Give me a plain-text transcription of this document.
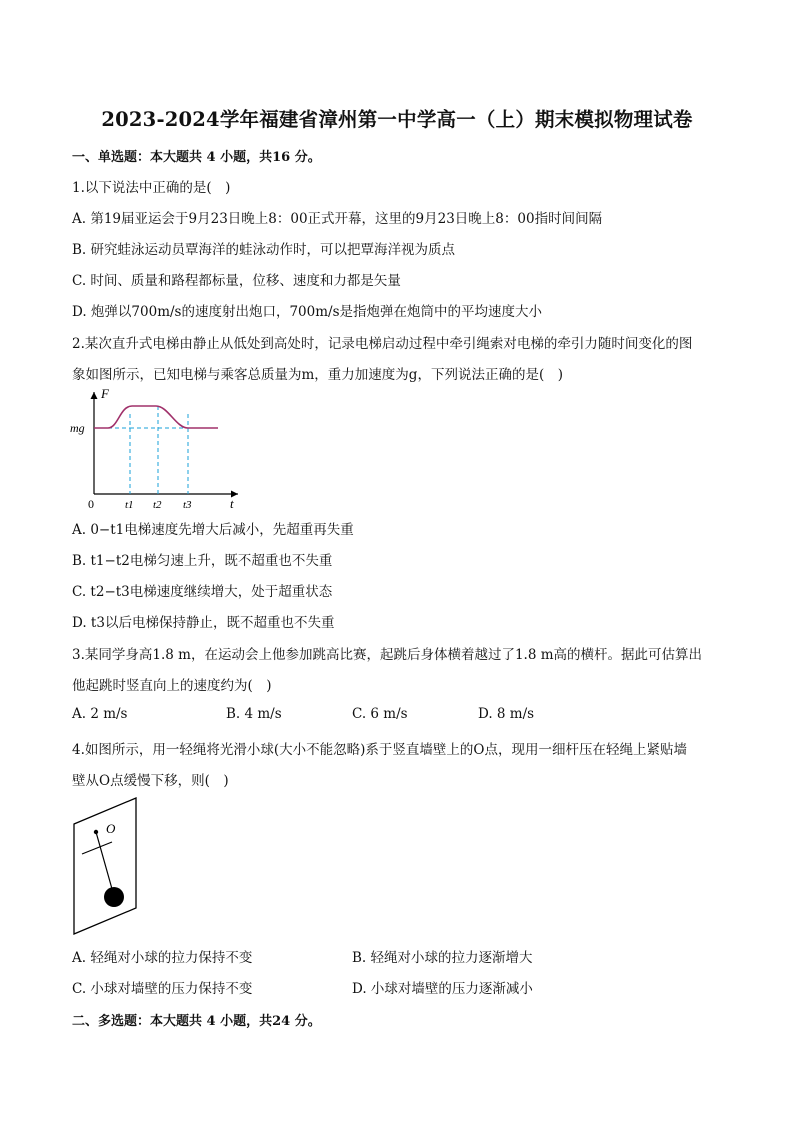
2023-2024学年福建省漳州第一中学高一（上）期末模拟物理试卷
一、单选题：本大题共 4 小题，共16 分。
1.以下说法中正确的是(　)
A. 第19届亚运会于9月23日晚上8：00正式开幕，这里的9月23日晚上8：00指时间间隔
B. 研究蛙泳运动员覃海洋的蛙泳动作时，可以把覃海洋视为质点
C. 时间、质量和路程都标量，位移、速度和力都是矢量
D. 炮弹以700m/s的速度射出炮口，700m/s是指炮弹在炮筒中的平均速度大小
2.某次直升式电梯由静止从低处到高处时，记录电梯启动过程中牵引绳索对电梯的牵引力随时间变化的图
象如图所示，已知电梯与乘客总质量为m，重力加速度为g，下列说法正确的是(　)
F
mg
0	t
t1 t2 t3
A. 0−t1电梯速度先增大后减小，先超重再失重
B. t1−t2电梯匀速上升，既不超重也不失重
C. t2−t3电梯速度继续增大，处于超重状态
D. t3以后电梯保持静止，既不超重也不失重
3.某同学身高1.8 m，在运动会上他参加跳高比赛，起跳后身体横着越过了1.8 m高的横杆。据此可估算出
他起跳时竖直向上的速度约为(　)
A. 2 m/s	B. 4 m/s	C. 6 m/s	D. 8 m/s
4.如图所示，用一轻绳将光滑小球(大小不能忽略)系于竖直墙壁上的O点，现用一细杆压在轻绳上紧贴墙
壁从O点缓慢下移，则(　)
O
A. 轻绳对小球的拉力保持不变	B. 轻绳对小球的拉力逐渐增大
C. 小球对墙壁的压力保持不变	D. 小球对墙壁的压力逐渐减小
二、多选题：本大题共 4 小题，共24 分。
